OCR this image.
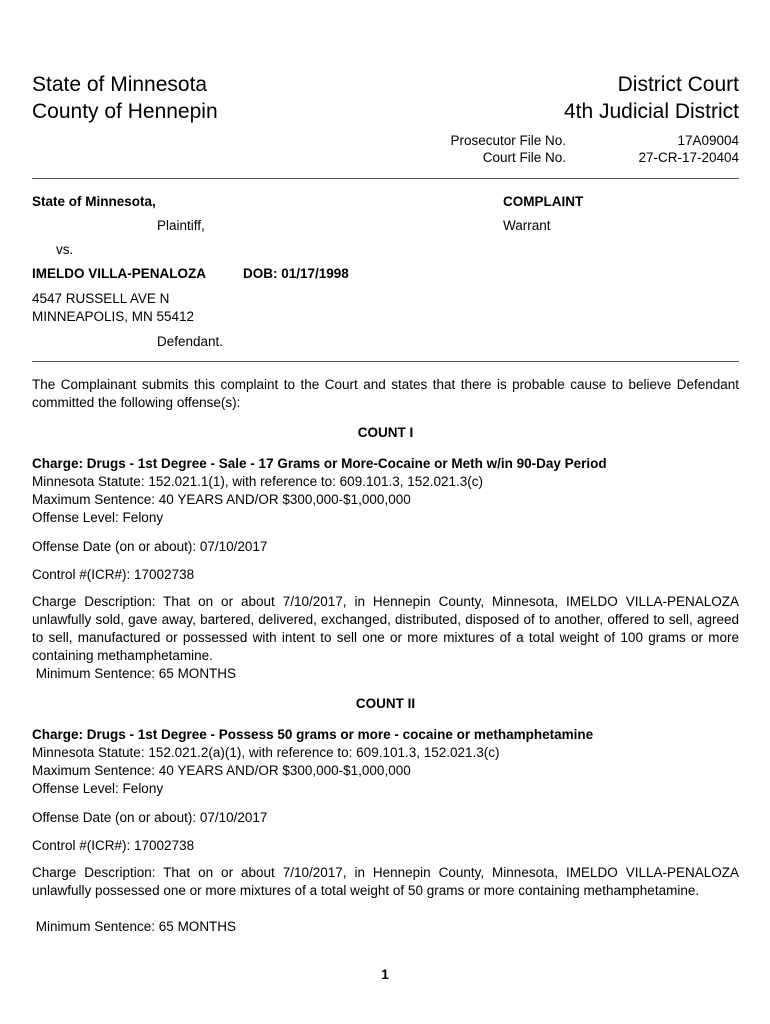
State of Minnesota
County of Hennepin
District Court
4th Judicial District
Prosecutor File No.	17A09004
Court File No.	27-CR-17-20404
State of Minnesota,
Plaintiff,
vs.
IMELDO VILLA-PENALOZA	DOB: 01/17/1998
4547 RUSSELL AVE N
MINNEAPOLIS, MN 55412
Defendant.
COMPLAINT
Warrant
The Complainant submits this complaint to the Court and states that there is probable cause to believe Defendant committed the following offense(s):
COUNT I
Charge: Drugs - 1st Degree - Sale - 17 Grams or More-Cocaine or Meth w/in 90-Day Period
Minnesota Statute: 152.021.1(1), with reference to: 609.101.3, 152.021.3(c)
Maximum Sentence: 40 YEARS AND/OR $300,000-$1,000,000
Offense Level: Felony
Offense Date (on or about): 07/10/2017
Control #(ICR#): 17002738
Charge Description: That on or about 7/10/2017, in Hennepin County, Minnesota, IMELDO VILLA-PENALOZA unlawfully sold, gave away, bartered, delivered, exchanged, distributed, disposed of to another, offered to sell, agreed to sell, manufactured or possessed with intent to sell one or more mixtures of a total weight of 100 grams or more containing methamphetamine.
Minimum Sentence: 65 MONTHS
COUNT II
Charge: Drugs - 1st Degree - Possess 50 grams or more - cocaine or methamphetamine
Minnesota Statute: 152.021.2(a)(1), with reference to: 609.101.3, 152.021.3(c)
Maximum Sentence: 40 YEARS AND/OR $300,000-$1,000,000
Offense Level: Felony
Offense Date (on or about): 07/10/2017
Control #(ICR#): 17002738
Charge Description: That on or about 7/10/2017, in Hennepin County, Minnesota, IMELDO VILLA-PENALOZA unlawfully possessed one or more mixtures of a total weight of 50 grams or more containing methamphetamine.
Minimum Sentence: 65 MONTHS
1
